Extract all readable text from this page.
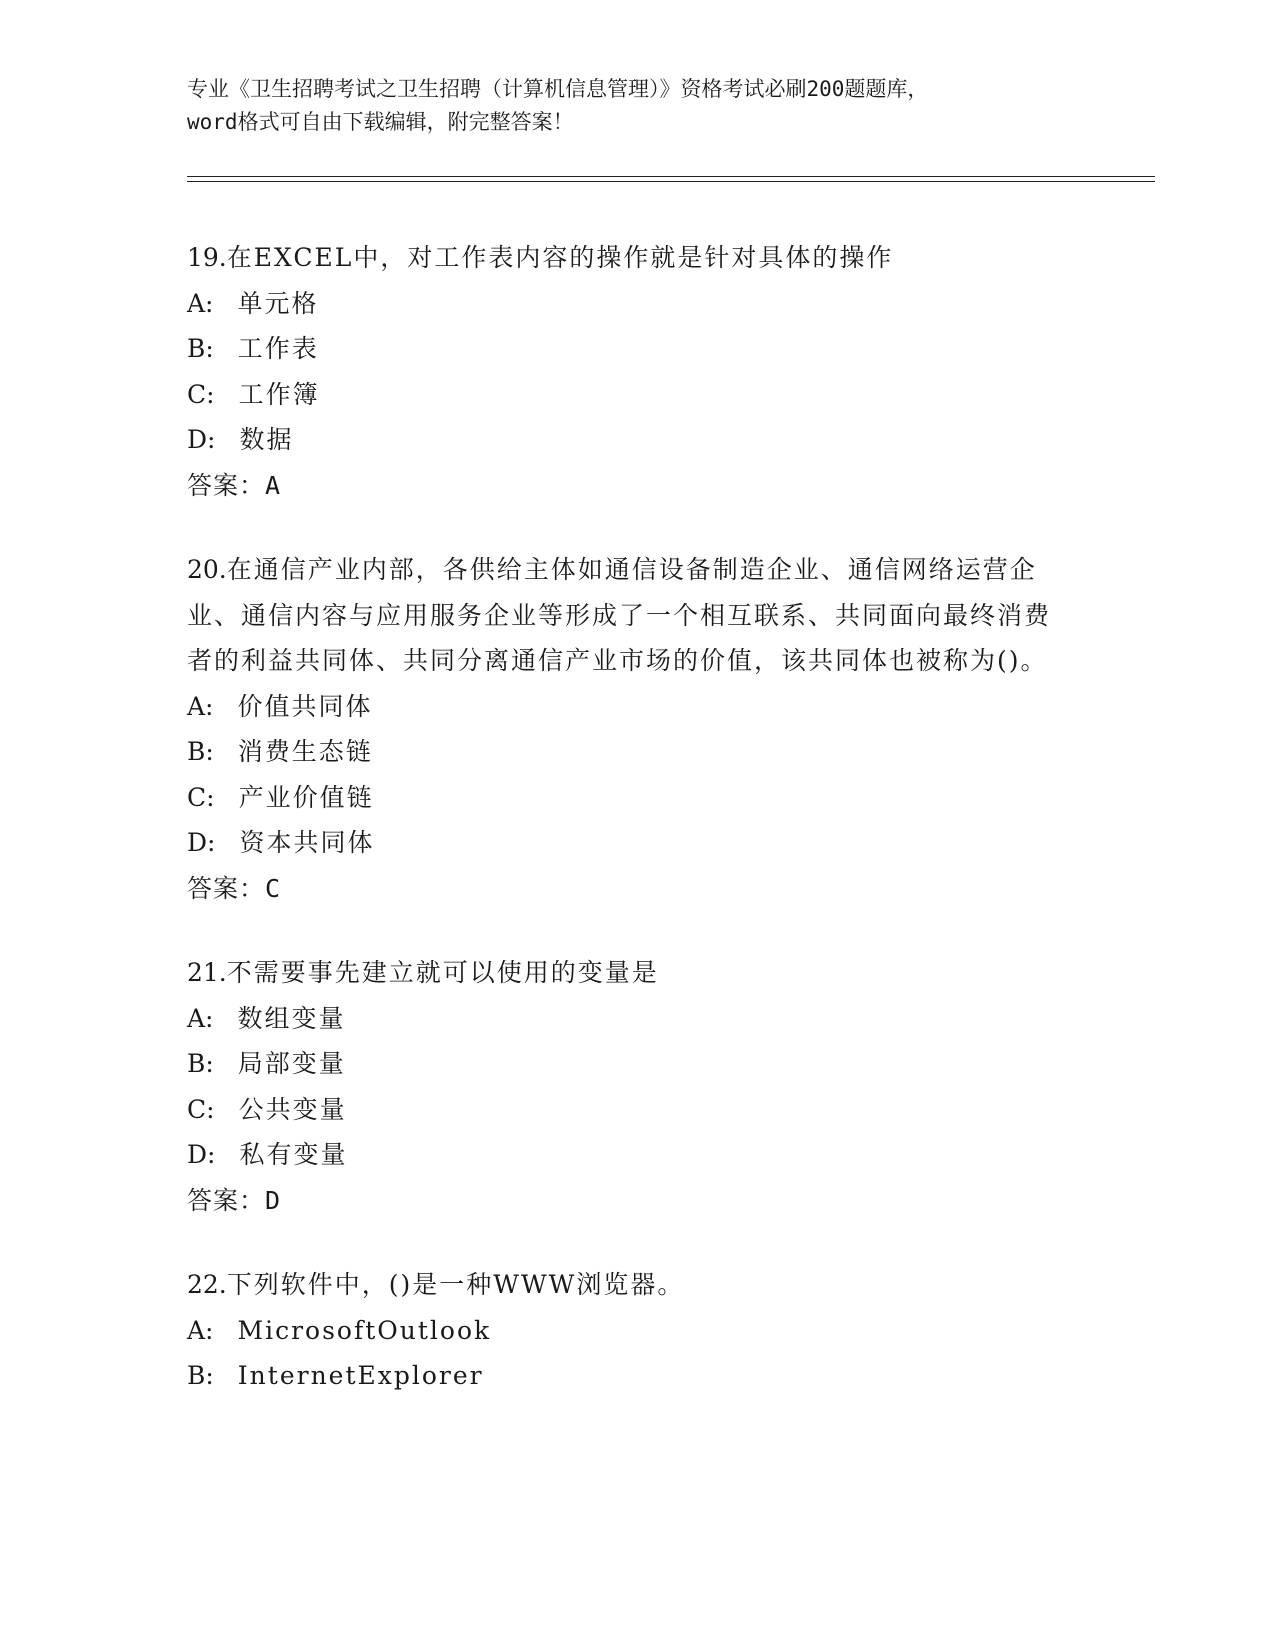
专业《卫生招聘考试之卫生招聘（计算机信息管理）》资格考试必刷200题题库，
word格式可自由下载编辑，附完整答案！
19.在EXCEL中，对工作表内容的操作就是针对具体的操作
A: 单元格
B: 工作表
C: 工作簿
D: 数据
答案：A
20.在通信产业内部，各供给主体如通信设备制造企业、通信网络运营企业、通信内容与应用服务企业等形成了一个相互联系、共同面向最终消费者的利益共同体、共同分离通信产业市场的价值，该共同体也被称为()。
A: 价值共同体
B: 消费生态链
C: 产业价值链
D: 资本共同体
答案：C
21.不需要事先建立就可以使用的变量是
A: 数组变量
B: 局部变量
C: 公共变量
D: 私有变量
答案：D
22.下列软件中，()是一种WWW浏览器。
A: MicrosoftOutlook
B: InternetExplorer
